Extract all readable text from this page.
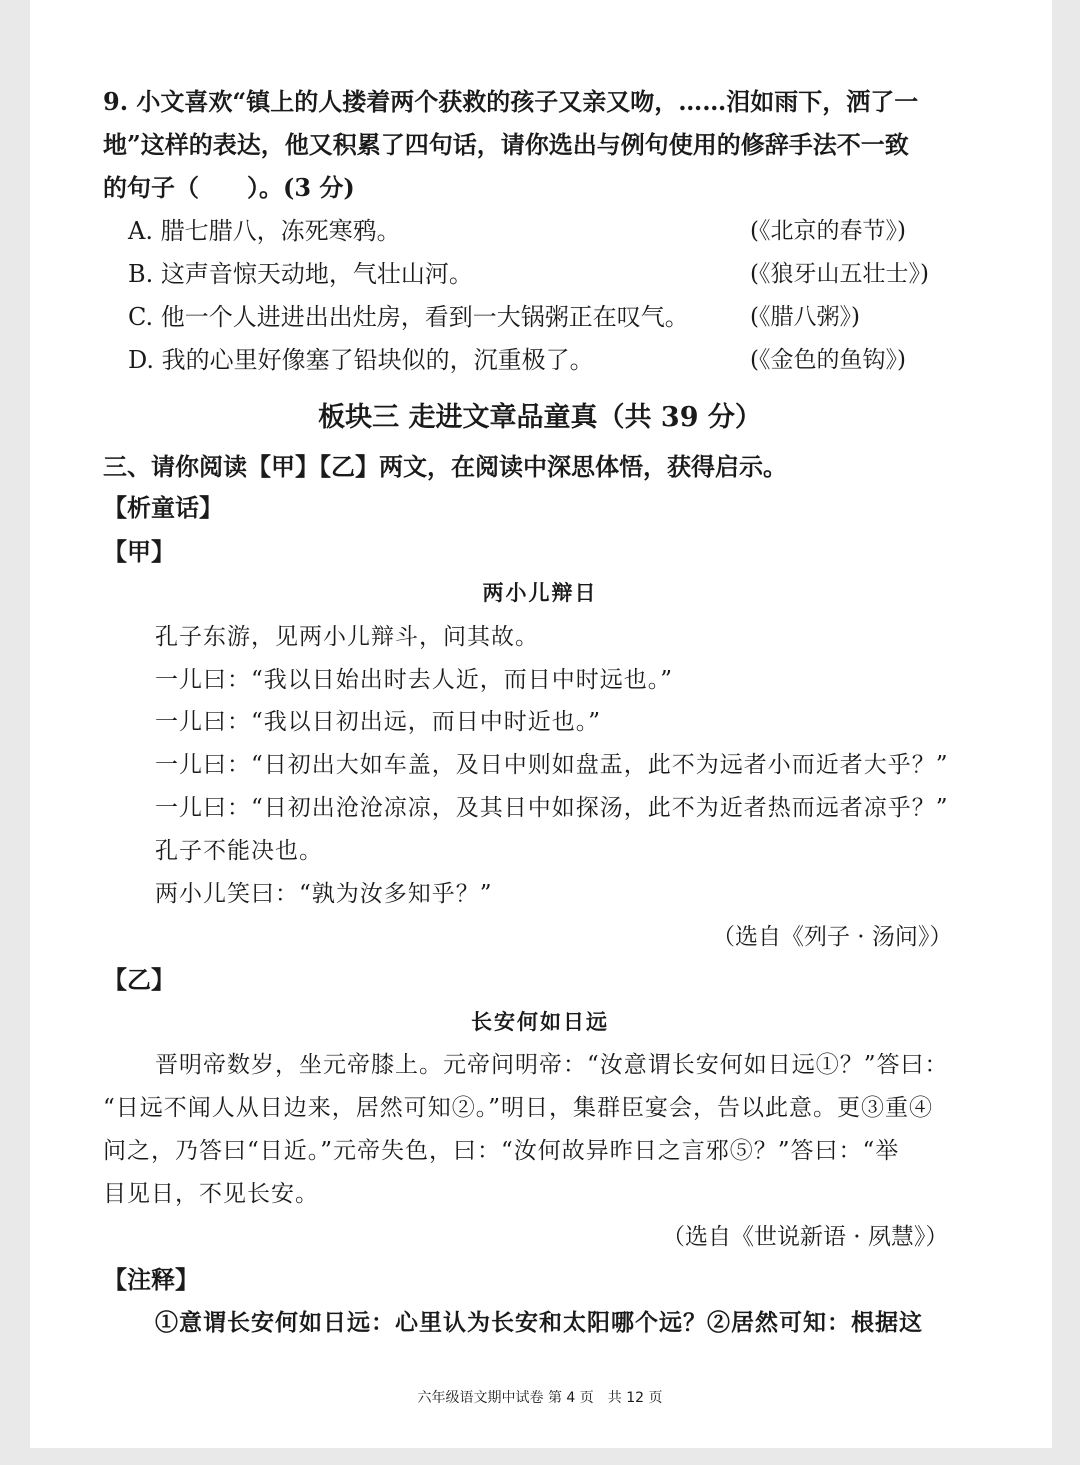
9. 小文喜欢“镇上的人搂着两个获救的孩子又亲又吻，……泪如雨下，洒了一
地”这样的表达，他又积累了四句话，请你选出与例句使用的修辞手法不一致
的句子（　　）。(3 分)
A. 腊七腊八，冻死寒鸦。	(《北京的春节》)
B. 这声音惊天动地，气壮山河。	(《狼牙山五壮士》)
C. 他一个人进进出出灶房，看到一大锅粥正在叹气。	(《腊八粥》)
D. 我的心里好像塞了铅块似的，沉重极了。	(《金色的鱼钩》)
板块三 走进文章品童真（共 39 分）
三、请你阅读【甲】【乙】两文，在阅读中深思体悟，获得启示。
【析童话】
【甲】
两小儿辩日
孔子东游，见两小儿辩斗，问其故。
一儿曰：“我以日始出时去人近，而日中时远也。”
一儿曰：“我以日初出远，而日中时近也。”
一儿曰：“日初出大如车盖，及日中则如盘盂，此不为远者小而近者大乎？”
一儿曰：“日初出沧沧凉凉，及其日中如探汤，此不为近者热而远者凉乎？”
孔子不能决也。
两小儿笑曰：“孰为汝多知乎？”
（选自《列子 · 汤问》）
【乙】
长安何如日远
晋明帝数岁，坐元帝膝上。元帝问明帝：“汝意谓长安何如日远①？”答曰：
“日远不闻人从日边来，居然可知②。”明日，集群臣宴会，告以此意。更③重④
问之，乃答曰“日近。”元帝失色，曰：“汝何故异昨日之言邪⑤？”答曰：“举
目见日，不见长安。
（选自《世说新语 · 夙慧》）
【注释】
①意谓长安何如日远：心里认为长安和太阳哪个远？②居然可知：根据这
六年级语文期中试卷 第 4 页　共 12 页
